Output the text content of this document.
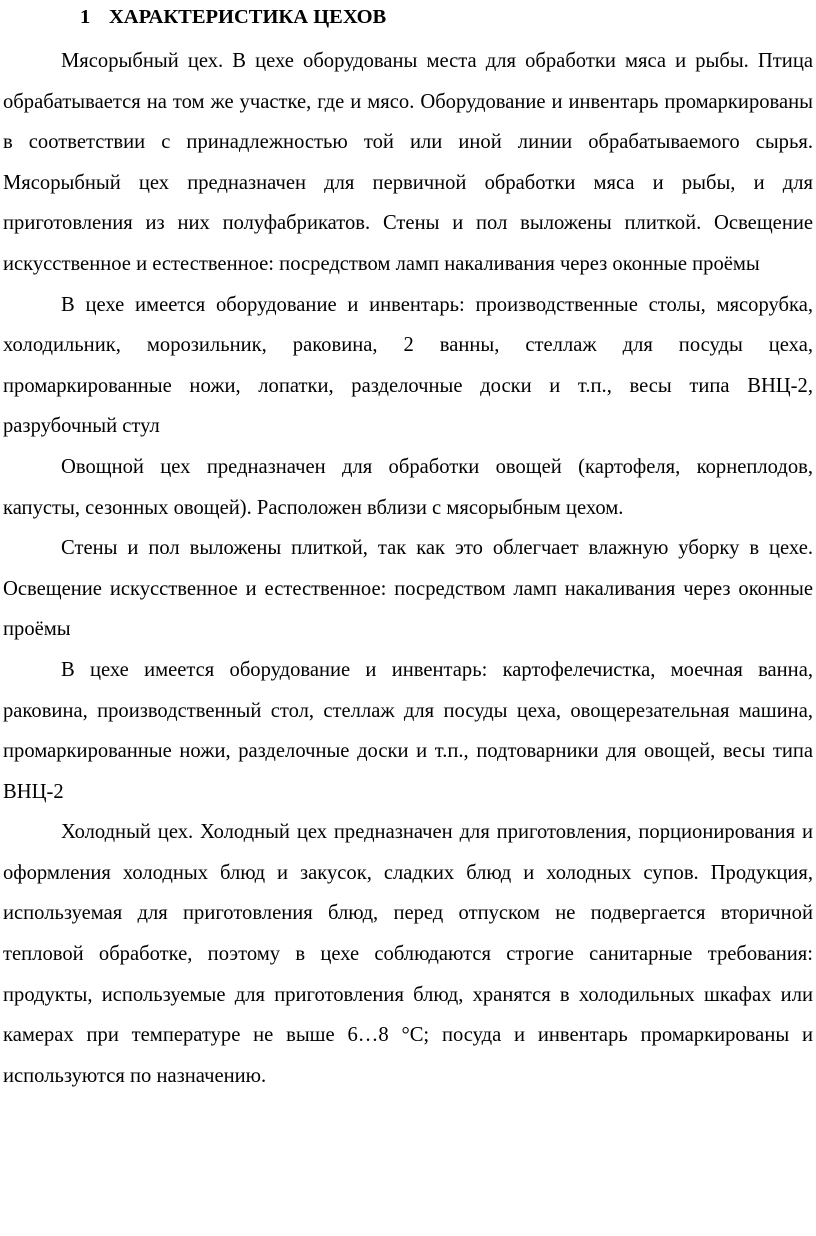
1 ХАРАКТЕРИСТИКА ЦЕХОВ

Мясорыбный цех. В цехе оборудованы места для обработки мяса и рыбы. Птица обрабатывается на том же участке, где и мясо. Оборудование и инвентарь промаркированы в соответствии с принадлежностью той или иной линии обрабатываемого сырья. Мясорыбный цех предназначен для первичной обработки мяса и рыбы, и для приготовления из них полуфабрикатов. Стены и пол выложены плиткой. Освещение искусственное и естественное: посредством ламп накаливания через оконные проёмы

В цехе имеется оборудование и инвентарь: производственные столы, мясорубка, холодильник, морозильник, раковина, 2 ванны, стеллаж для посуды цеха, промаркированные ножи, лопатки, разделочные доски и т.п., весы типа ВНЦ-2, разрубочный стул

Овощной цех предназначен для обработки овощей (картофеля, корнеплодов, капусты, сезонных овощей). Расположен вблизи с мясорыбным цехом.

Стены и пол выложены плиткой, так как это облегчает влажную уборку в цехе. Освещение искусственное и естественное: посредством ламп накаливания через оконные проёмы

В цехе имеется оборудование и инвентарь: картофелечистка, моечная ванна, раковина, производственный стол, стеллаж для посуды цеха, овощерезательная машина, промаркированные ножи, разделочные доски и т.п., подтоварники для овощей, весы типа ВНЦ-2

Холодный цех. Холодный цех предназначен для приготовления, порционирования и оформления холодных блюд и закусок, сладких блюд и холодных супов. Продукция, используемая для приготовления блюд, перед отпуском не подвергается вторичной тепловой обработке, поэтому в цехе соблюдаются строгие санитарные требования: продукты, используемые для приготовления блюд, хранятся в холодильных шкафах или камерах при температуре не выше 6…8 °С; посуда и инвентарь промаркированы и используются по назначению.
